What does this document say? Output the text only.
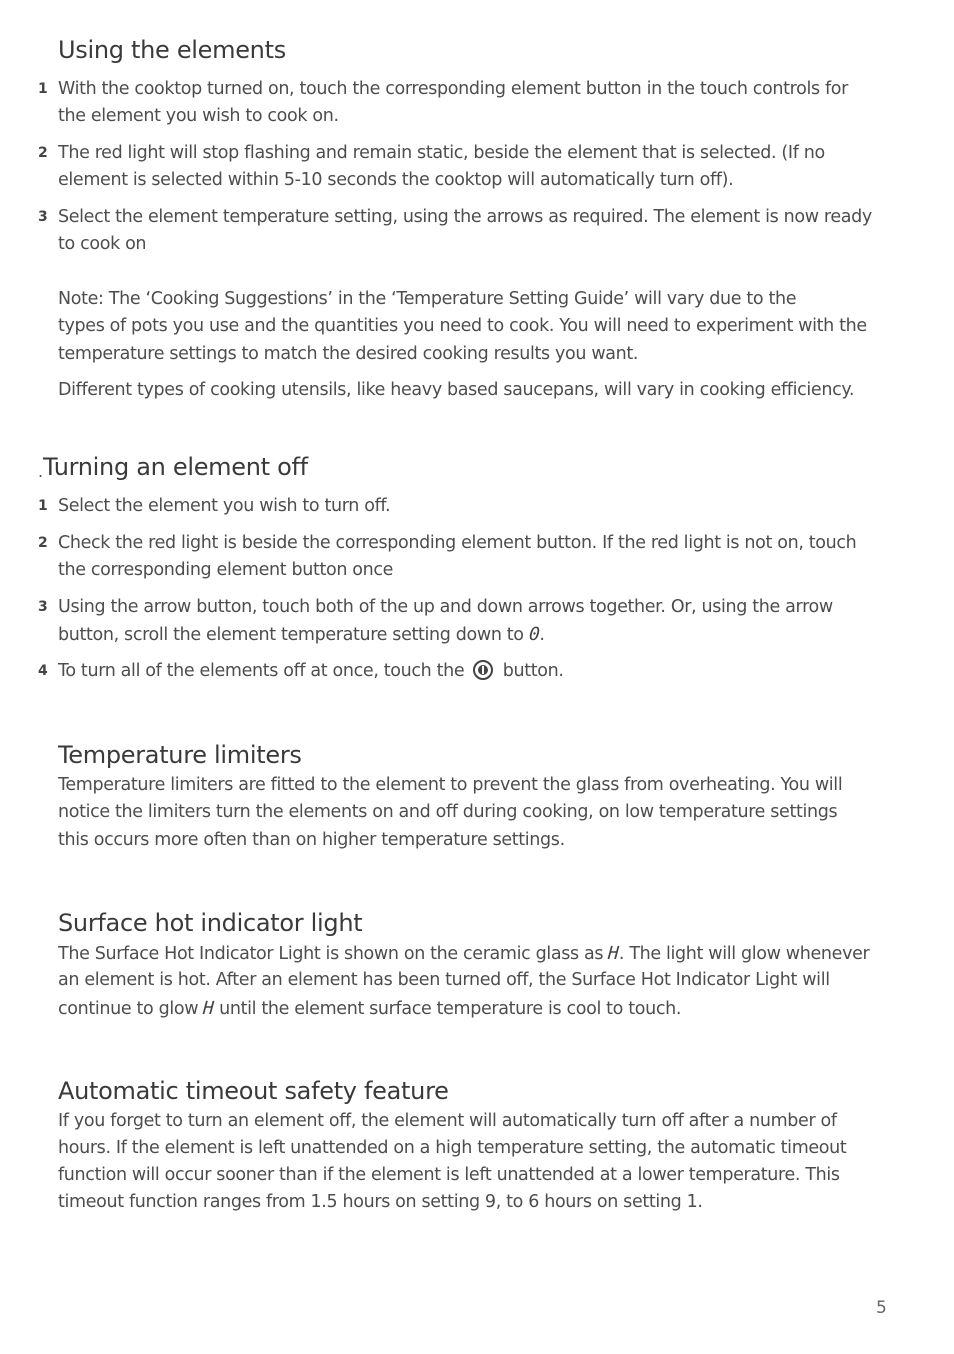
Using the elements
1 With the cooktop turned on, touch the corresponding element button in the touch controls for
the element you wish to cook on.
2 The red light will stop flashing and remain static, beside the element that is selected. (If no
element is selected within 5-10 seconds the cooktop will automatically turn off).
3 Select the element temperature setting, using the arrows as required. The element is now ready
to cook on
Note: The ‘Cooking Suggestions’ in the ‘Temperature Setting Guide’ will vary due to the
types of pots you use and the quantities you need to cook. You will need to experiment with the
temperature settings to match the desired cooking results you want.
Different types of cooking utensils, like heavy based saucepans, will vary in cooking efficiency.
. Turning an element off
1 Select the element you wish to turn off.
2 Check the red light is beside the corresponding element button. If the red light is not on, touch
the corresponding element button once
3 Using the arrow button, touch both of the up and down arrows together. Or, using the arrow
button, scroll the element temperature setting down to 0.
4 To turn all of the elements off at once, touch the button.
Temperature limiters
Temperature limiters are fitted to the element to prevent the glass from overheating. You will
notice the limiters turn the elements on and off during cooking, on low temperature settings
this occurs more often than on higher temperature settings.
Surface hot indicator light
The Surface Hot Indicator Light is shown on the ceramic glass as H. The light will glow whenever
an element is hot. After an element has been turned off, the Surface Hot Indicator Light will
continue to glow H until the element surface temperature is cool to touch.
Automatic timeout safety feature
If you forget to turn an element off, the element will automatically turn off after a number of
hours. If the element is left unattended on a high temperature setting, the automatic timeout
function will occur sooner than if the element is left unattended at a lower temperature. This
timeout function ranges from 1.5 hours on setting 9, to 6 hours on setting 1.
5
